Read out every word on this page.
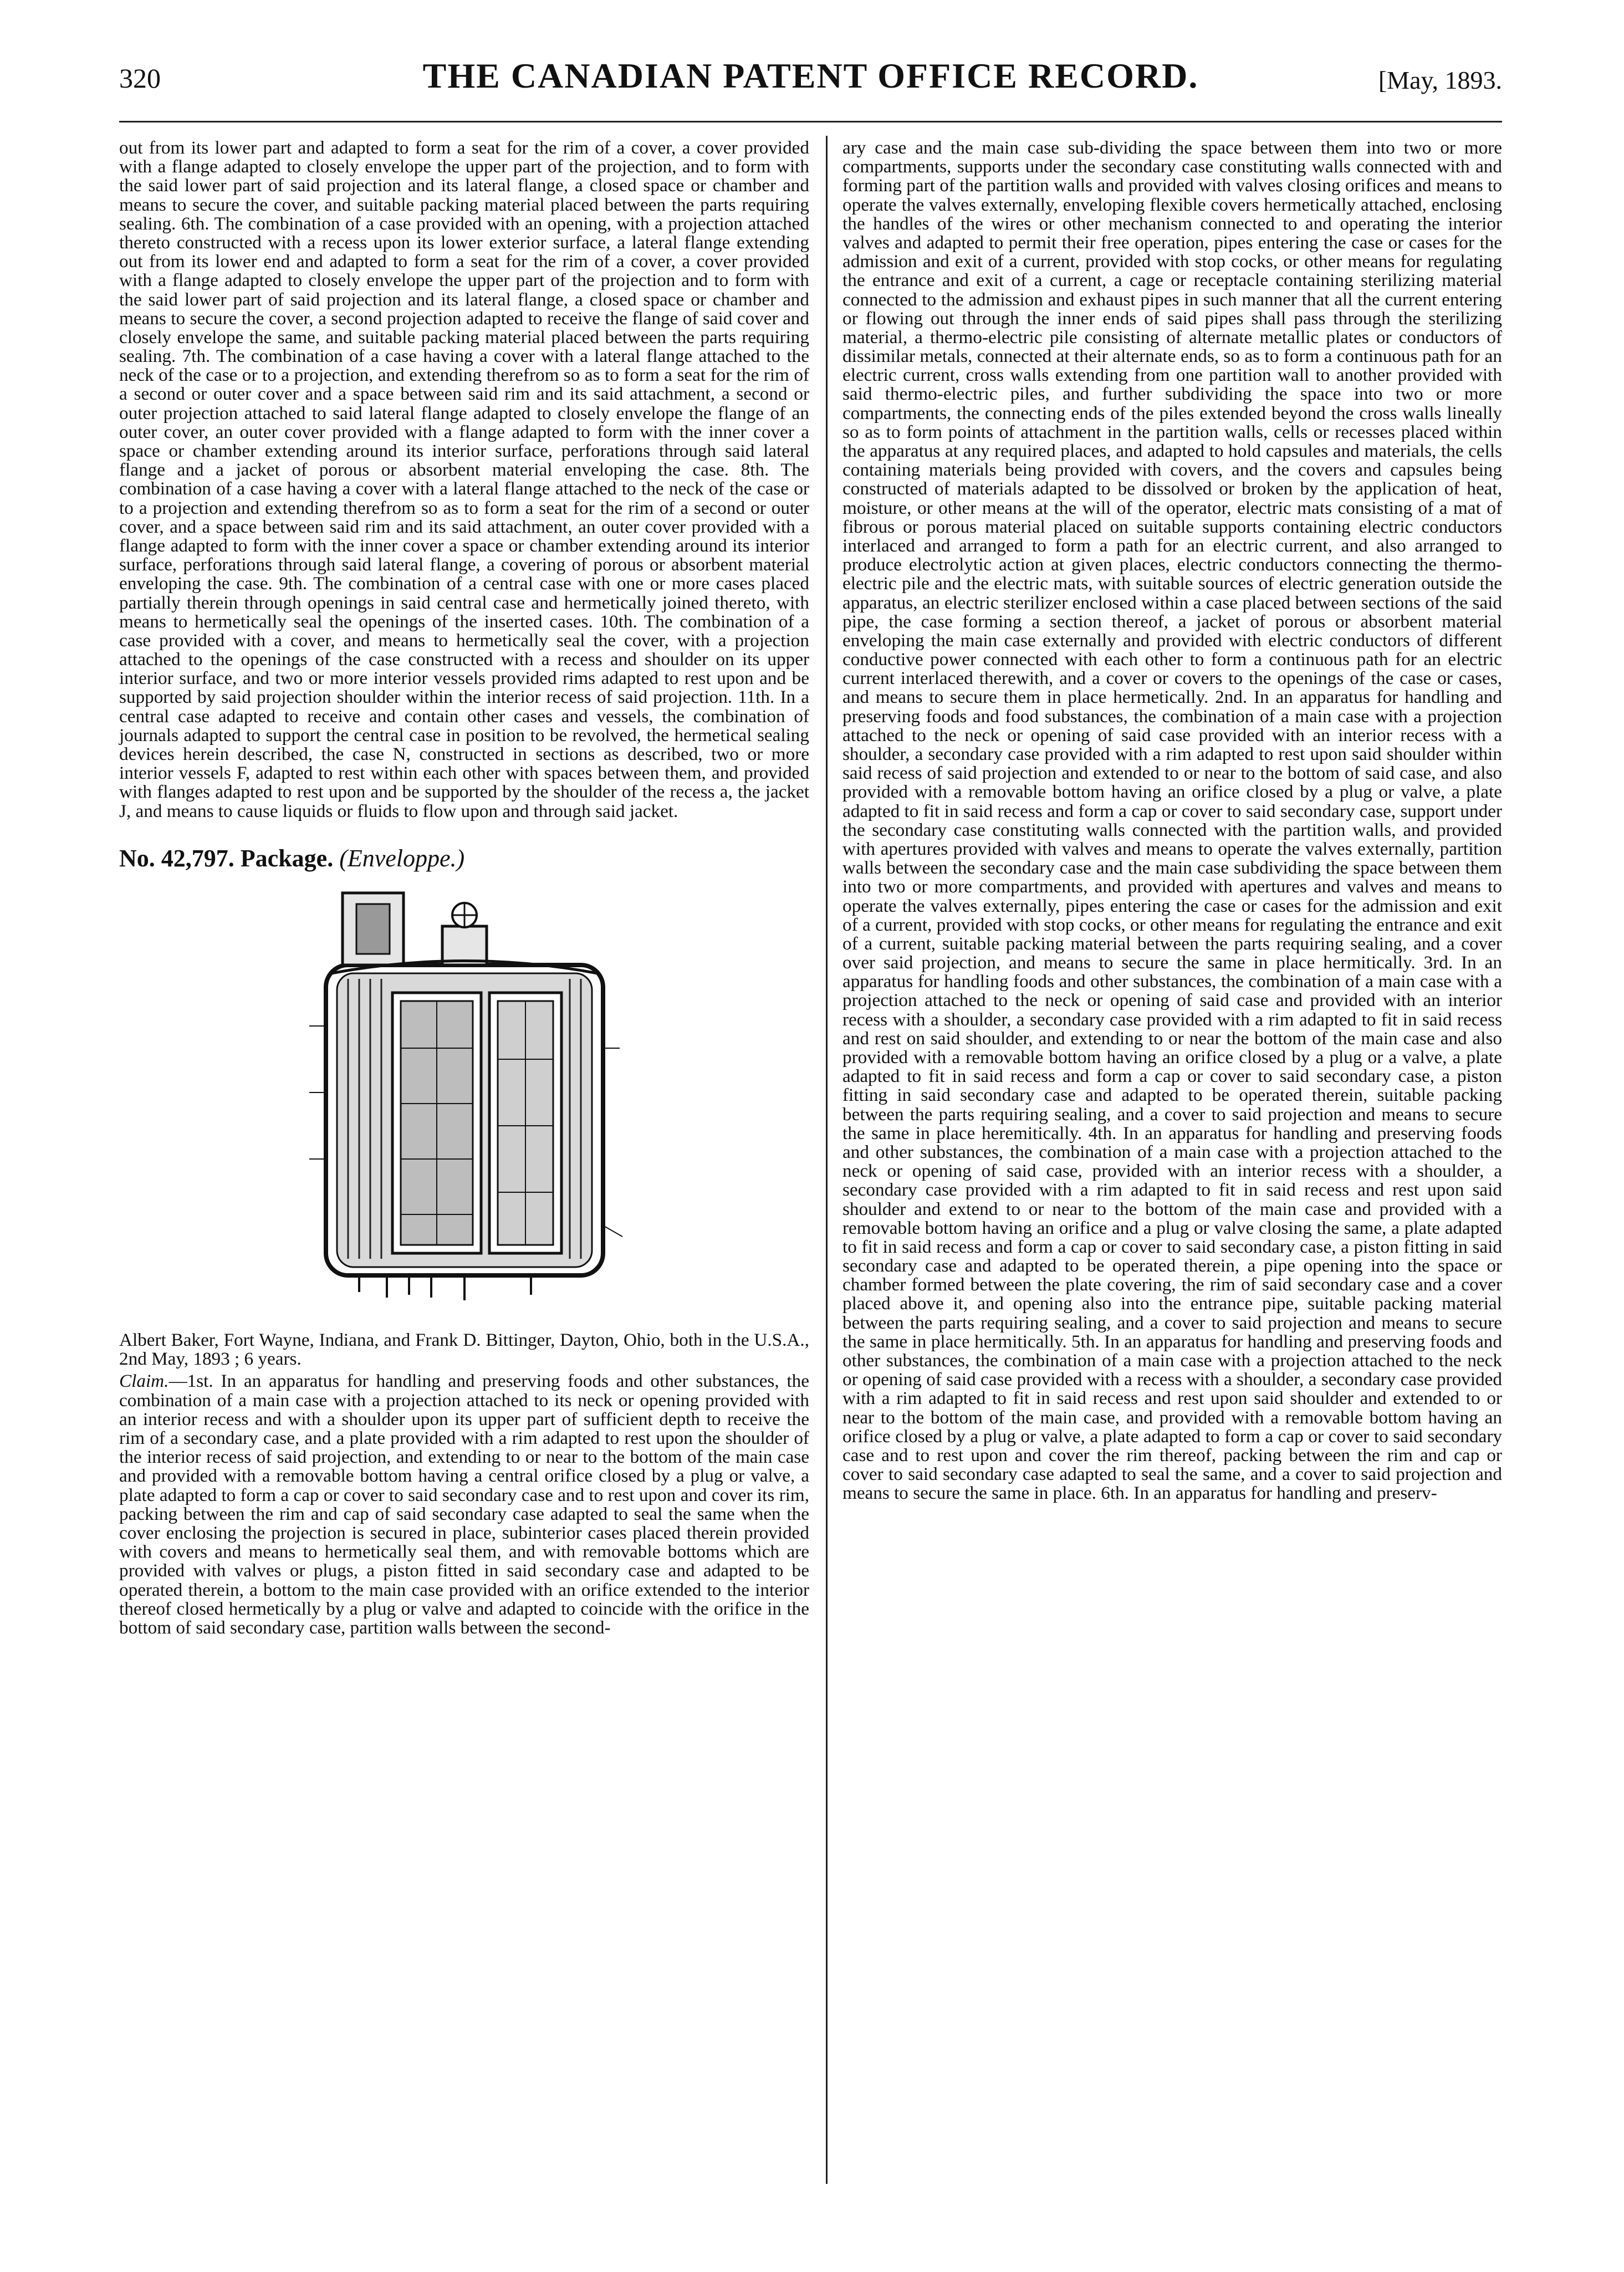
320	THE CANADIAN PATENT OFFICE RECORD.	[May, 1893.

out from its lower part and adapted to form a seat for the rim of a cover, a cover provided with a flange adapted to closely envelope the upper part of the projection, and to form with the said lower part of said projection and its lateral flange, a closed space or chamber and means to secure the cover, and suitable packing material placed between the parts requiring sealing. 6th. The combination of a case provided with an opening, with a projection attached thereto constructed with a recess upon its lower exterior surface, a lateral flange extending out from its lower end and adapted to form a seat for the rim of a cover, a cover provided with a flange adapted to closely envelope the upper part of the projection and to form with the said lower part of said projection and its lateral flange, a closed space or chamber and means to secure the cover, a second projection adapted to receive the flange of said cover and closely envelope the same, and suitable packing material placed between the parts requiring sealing. 7th. The combination of a case having a cover with a lateral flange attached to the neck of the case or to a projection, and extending therefrom so as to form a seat for the rim of a second or outer cover and a space between said rim and its said attachment, a second or outer projection attached to said lateral flange adapted to closely envelope the flange of an outer cover, an outer cover provided with a flange adapted to form with the inner cover a space or chamber extending around its interior surface, perforations through said lateral flange and a jacket of porous or absorbent material enveloping the case. 8th. The combination of a case having a cover with a lateral flange attached to the neck of the case or to a projection and extending therefrom so as to form a seat for the rim of a second or outer cover, and a space between said rim and its said attachment, an outer cover provided with a flange adapted to form with the inner cover a space or chamber extending around its interior surface, perforations through said lateral flange, a covering of porous or absorbent material enveloping the case. 9th. The combination of a central case with one or more cases placed partially therein through openings in said central case and hermetically joined thereto, with means to hermetically seal the openings of the inserted cases. 10th. The combination of a case provided with a cover, and means to hermetically seal the cover, with a projection attached to the openings of the case constructed with a recess and shoulder on its upper interior surface, and two or more interior vessels provided rims adapted to rest upon and be supported by said projection shoulder within the interior recess of said projection. 11th. In a central case adapted to receive and contain other cases and vessels, the combination of journals adapted to support the central case in position to be revolved, the hermetical sealing devices herein described, the case N, constructed in sections as described, two or more interior vessels F, adapted to rest within each other with spaces between them, and provided with flanges adapted to rest upon and be supported by the shoulder of the recess a, the jacket J, and means to cause liquids or fluids to flow upon and through said jacket.

No. 42,797. Package. (Enveloppe.)

Albert Baker, Fort Wayne, Indiana, and Frank D. Bittinger, Dayton, Ohio, both in the U.S.A., 2nd May, 1893 ; 6 years.

Claim.—1st. In an apparatus for handling and preserving foods and other substances, the combination of a main case with a projection attached to its neck or opening provided with an interior recess and with a shoulder upon its upper part of sufficient depth to receive the rim of a secondary case, and a plate provided with a rim adapted to rest upon the shoulder of the interior recess of said projection, and extending to or near to the bottom of the main case and provided with a removable bottom having a central orifice closed by a plug or valve, a plate adapted to form a cap or cover to said secondary case and to rest upon and cover its rim, packing between the rim and cap of said secondary case adapted to seal the same when the cover enclosing the projection is secured in place, subinterior cases placed therein provided with covers and means to hermetically seal them, and with removable bottoms which are provided with valves or plugs, a piston fitted in said secondary case and adapted to be operated therein, a bottom to the main case provided with an orifice extended to the interior thereof closed hermetically by a plug or valve and adapted to coincide with the orifice in the bottom of said secondary case, partition walls between the second-

ary case and the main case sub-dividing the space between them into two or more compartments, supports under the secondary case constituting walls connected with and forming part of the partition walls and provided with valves closing orifices and means to operate the valves externally, enveloping flexible covers hermetically attached, enclosing the handles of the wires or other mechanism connected to and operating the interior valves and adapted to permit their free operation, pipes entering the case or cases for the admission and exit of a current, provided with stop cocks, or other means for regulating the entrance and exit of a current, a cage or receptacle containing sterilizing material connected to the admission and exhaust pipes in such manner that all the current entering or flowing out through the inner ends of said pipes shall pass through the sterilizing material, a thermo-electric pile consisting of alternate metallic plates or conductors of dissimilar metals, connected at their alternate ends, so as to form a continuous path for an electric current, cross walls extending from one partition wall to another provided with said thermo-electric piles, and further subdividing the space into two or more compartments, the connecting ends of the piles extended beyond the cross walls lineally so as to form points of attachment in the partition walls, cells or recesses placed within the apparatus at any required places, and adapted to hold capsules and materials, the cells containing materials being provided with covers, and the covers and capsules being constructed of materials adapted to be dissolved or broken by the application of heat, moisture, or other means at the will of the operator, electric mats consisting of a mat of fibrous or porous material placed on suitable supports containing electric conductors interlaced and arranged to form a path for an electric current, and also arranged to produce electrolytic action at given places, electric conductors connecting the thermo-electric pile and the electric mats, with suitable sources of electric generation outside the apparatus, an electric sterilizer enclosed within a case placed between sections of the said pipe, the case forming a section thereof, a jacket of porous or absorbent material enveloping the main case externally and provided with electric conductors of different conductive power connected with each other to form a continuous path for an electric current interlaced therewith, and a cover or covers to the openings of the case or cases, and means to secure them in place hermetically. 2nd. In an apparatus for handling and preserving foods and food substances, the combination of a main case with a projection attached to the neck or opening of said case provided with an interior recess with a shoulder, a secondary case provided with a rim adapted to rest upon said shoulder within said recess of said projection and extended to or near to the bottom of said case, and also provided with a removable bottom having an orifice closed by a plug or valve, a plate adapted to fit in said recess and form a cap or cover to said secondary case, support under the secondary case constituting walls connected with the partition walls, and provided with apertures provided with valves and means to operate the valves externally, partition walls between the secondary case and the main case subdividing the space between them into two or more compartments, and provided with apertures and valves and means to operate the valves externally, pipes entering the case or cases for the admission and exit of a current, provided with stop cocks, or other means for regulating the entrance and exit of a current, suitable packing material between the parts requiring sealing, and a cover over said projection, and means to secure the same in place hermitically. 3rd. In an apparatus for handling foods and other substances, the combination of a main case with a projection attached to the neck or opening of said case and provided with an interior recess with a shoulder, a secondary case provided with a rim adapted to fit in said recess and rest on said shoulder, and extending to or near the bottom of the main case and also provided with a removable bottom having an orifice closed by a plug or a valve, a plate adapted to fit in said recess and form a cap or cover to said secondary case, a piston fitting in said secondary case and adapted to be operated therein, suitable packing between the parts requiring sealing, and a cover to said projection and means to secure the same in place heremitically. 4th. In an apparatus for handling and preserving foods and other substances, the combination of a main case with a projection attached to the neck or opening of said case, provided with an interior recess with a shoulder, a secondary case provided with a rim adapted to fit in said recess and rest upon said shoulder and extend to or near to the bottom of the main case and provided with a removable bottom having an orifice and a plug or valve closing the same, a plate adapted to fit in said recess and form a cap or cover to said secondary case, a piston fitting in said secondary case and adapted to be operated therein, a pipe opening into the space or chamber formed between the plate covering, the rim of said secondary case and a cover placed above it, and opening also into the entrance pipe, suitable packing material between the parts requiring sealing, and a cover to said projection and means to secure the same in place hermitically. 5th. In an apparatus for handling and preserving foods and other substances, the combination of a main case with a projection attached to the neck or opening of said case provided with a recess with a shoulder, a secondary case provided with a rim adapted to fit in said recess and rest upon said shoulder and extended to or near to the bottom of the main case, and provided with a removable bottom having an orifice closed by a plug or valve, a plate adapted to form a cap or cover to said secondary case and to rest upon and cover the rim thereof, packing between the rim and cap or cover to said secondary case adapted to seal the same, and a cover to said projection and means to secure the same in place. 6th. In an apparatus for handling and preserv-
